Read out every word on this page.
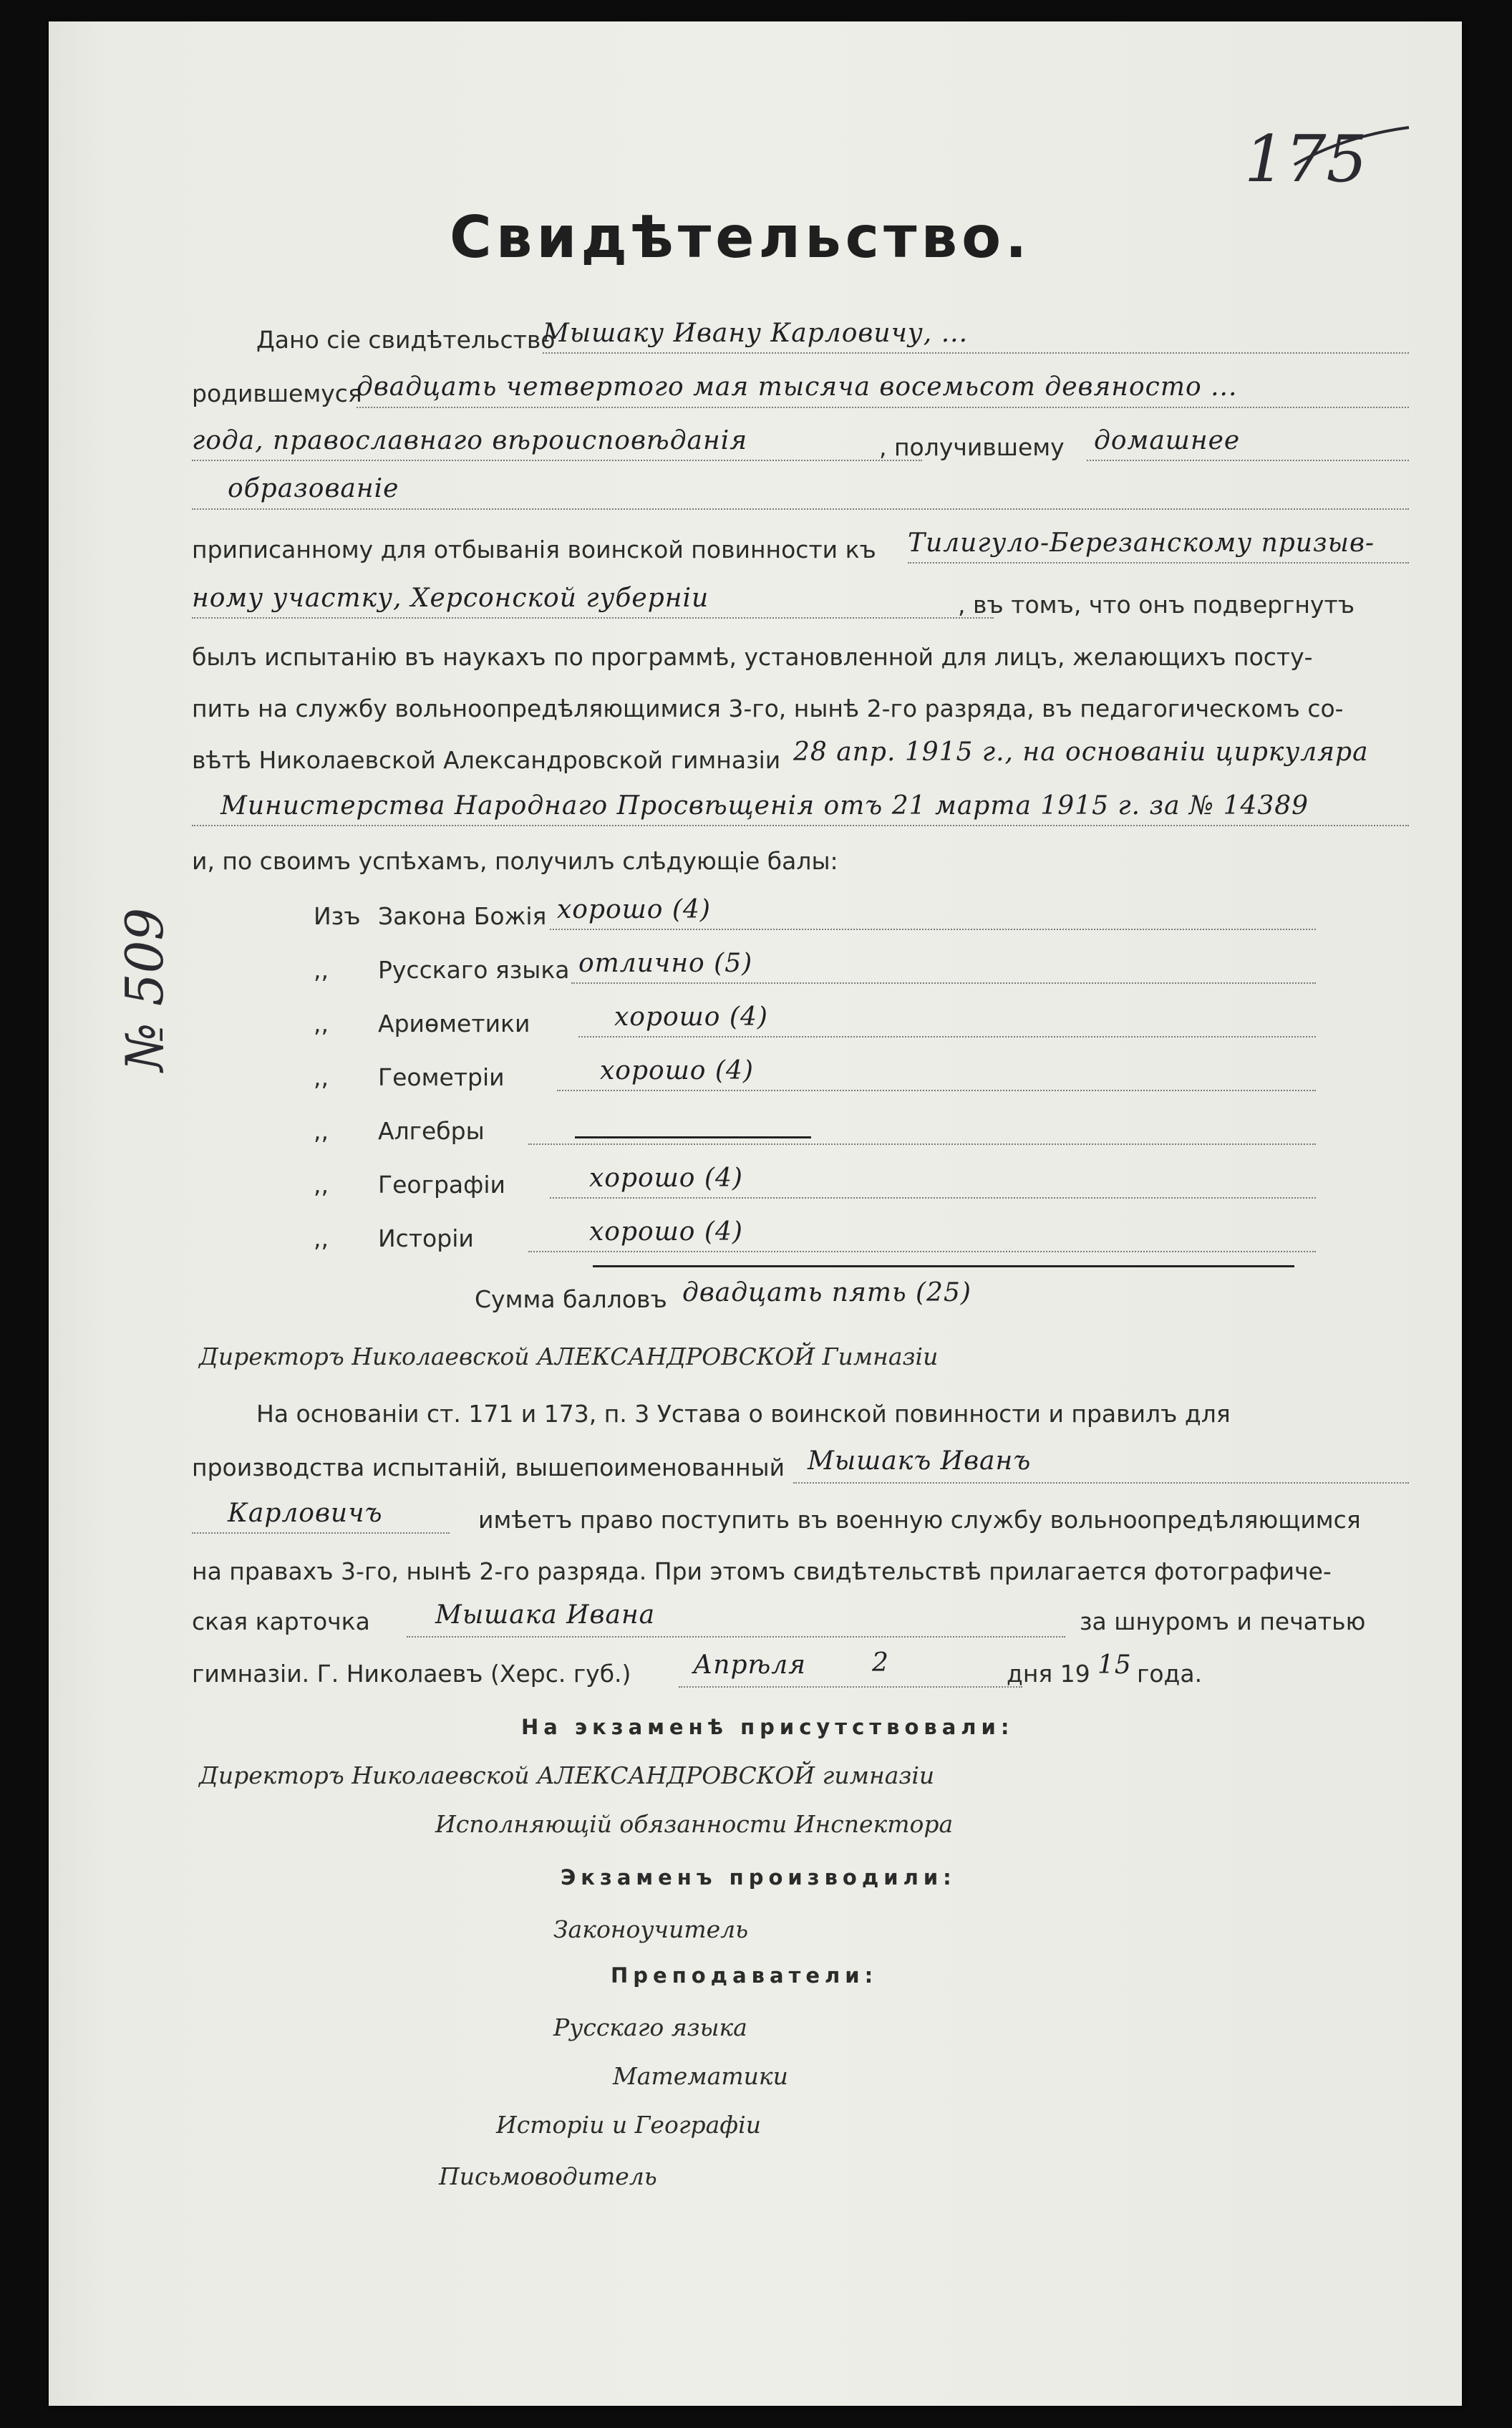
175
№ 509
Свидѣтельство.
Дано сіе свидѣтельство
Мышаку Ивану Карловичу, ...
родившемуся
двадцать четвертого мая тысяча восемьсот девяносто ...
года, православнаго вѣроисповѣданія	, получившему домашнее
образованіе
приписанному для отбыванія воинской повинности къ Тилигуло-Березанскому призыв-
ному участку, Херсонской губерніи	, въ томъ, что онъ подвергнутъ
былъ испытанію въ наукахъ по программѣ, установленной для лицъ, желающихъ посту-
пить на службу вольноопредѣляющимися 3-го, нынѣ 2-го разряда, въ педагогическомъ со-
вѣтѣ Николаевской Александровской гимназіи 28 апр. 1915 г., на основаніи циркуляра
Министерства Народнаго Просвѣщенія отъ 21 марта 1915 г. за № 14389
и, по своимъ успѣхамъ, получилъ слѣдующіе балы:
Изъ Закона Божія хорошо (4)
,, Русскаго языка отлично (5)
,, Ариѳметики	хорошо (4)
,, Геометріи	хорошо (4)
,, Алгебры
,, Географіи	хорошо (4)
,, Исторіи	хорошо (4)
Сумма балловъ двадцать пять (25)
Директоръ Николаевской АЛЕКСАНДРОВСКОЙ Гимназіи
На основаніи ст. 171 и 173, п. 3 Устава о воинской повинности и правилъ для
производства испытаній, вышепоименованный Мышакъ Иванъ
Карловичъ	имѣетъ право поступить въ военную службу вольноопредѣляющимся
на правахъ 3-го, нынѣ 2-го разряда. При этомъ свидѣтельствѣ прилагается фотографиче-
ская карточка	Мышака Ивана	за шнуромъ и печатью
гимназіи. Г. Николаевъ (Херс. губ.) Апрѣля	2	дня 19 15 года.
На экзаменѣ присутствовали:
Директоръ Николаевской АЛЕКСАНДРОВСКОЙ гимназіи
Исполняющій обязанности Инспектора
Экзаменъ производили:
Законоучитель
Преподаватели:
Русскаго языка
Математики
Исторіи и Географіи
Письмоводитель
